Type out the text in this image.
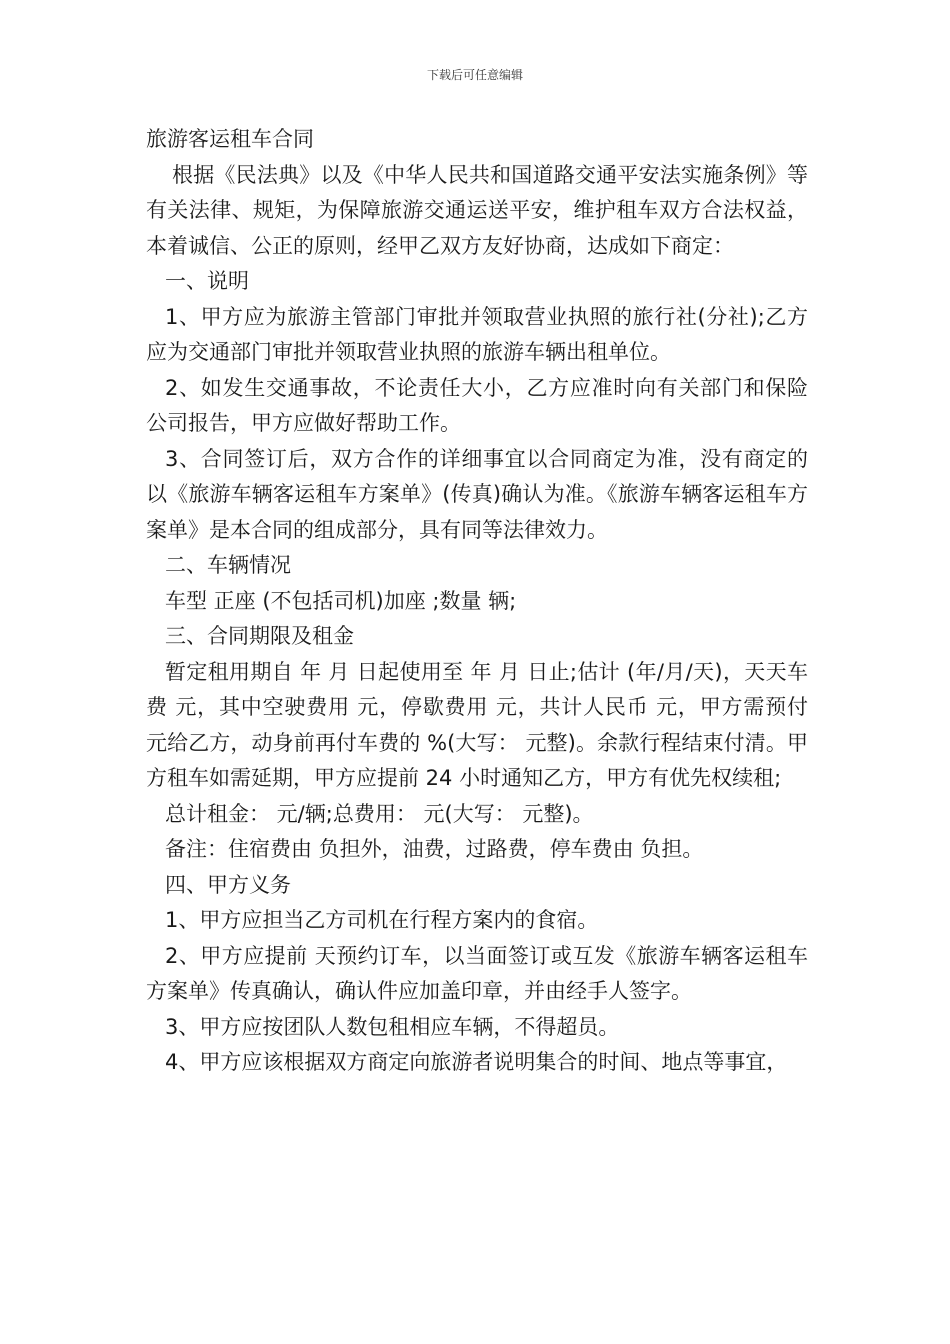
下载后可任意编辑
旅游客运租车合同

根据《民法典》以及《中华人民共和国道路交通平安法实施条例》等有关法律、规矩，为保障旅游交通运送平安，维护租车双方合法权益，本着诚信、公正的原则，经甲乙双方友好协商，达成如下商定：

一、说明

1、甲方应为旅游主管部门审批并领取营业执照的旅行社(分社);乙方应为交通部门审批并领取营业执照的旅游车辆出租单位。

2、如发生交通事故，不论责任大小，乙方应准时向有关部门和保险公司报告，甲方应做好帮助工作。

3、合同签订后，双方合作的详细事宜以合同商定为准，没有商定的以《旅游车辆客运租车方案单》(传真)确认为准。《旅游车辆客运租车方案单》是本合同的组成部分，具有同等法律效力。

二、车辆情况

车型 正座 (不包括司机)加座 ;数量 辆;

三、合同期限及租金

暂定租用期自 年 月 日起使用至 年 月 日止;估计 (年/月/天)，天天车费 元，其中空驶费用 元，停歇费用 元，共计人民币 元，甲方需预付 元给乙方，动身前再付车费的 %(大写： 元整)。余款行程结束付清。甲方租车如需延期，甲方应提前 24 小时通知乙方，甲方有优先权续租;

总计租金： 元/辆;总费用： 元(大写： 元整)。

备注：住宿费由 负担外，油费，过路费，停车费由 负担。

四、甲方义务

1、甲方应担当乙方司机在行程方案内的食宿。

2、甲方应提前 天预约订车，以当面签订或互发《旅游车辆客运租车方案单》传真确认，确认件应加盖印章，并由经手人签字。

3、甲方应按团队人数包租相应车辆，不得超员。

4、甲方应该根据双方商定向旅游者说明集合的时间、地点等事宜，
